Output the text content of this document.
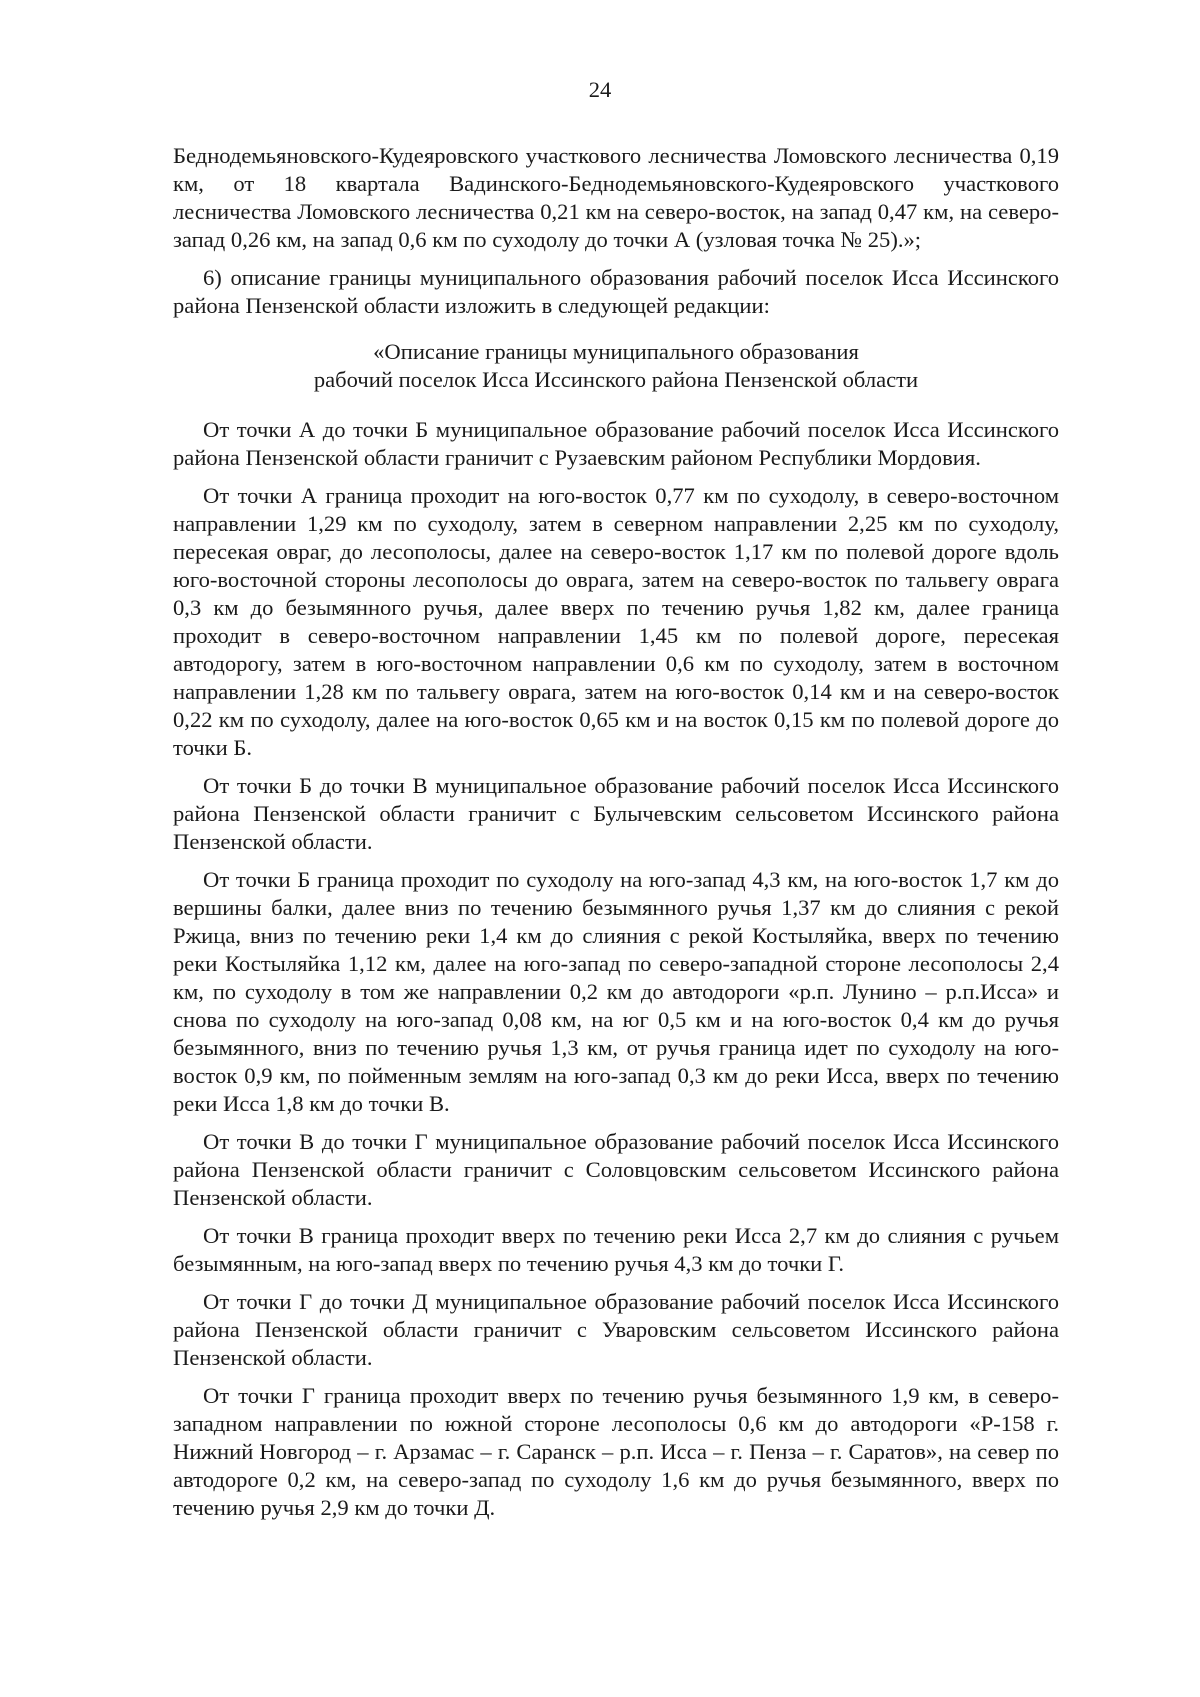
24

Беднодемьяновского-Кудеяровского участкового лесничества Ломовского лесничества 0,19 км, от 18 квартала Вадинского-Беднодемьяновского-Кудеяровского участкового лесничества Ломовского лесничества 0,21 км на северо-восток, на запад 0,47 км, на северо-запад 0,26 км, на запад 0,6 км по суходолу до точки А (узловая точка № 25).»;

6) описание границы муниципального образования рабочий поселок Исса Иссинского района Пензенской области изложить в следующей редакции:

«Описание границы муниципального образования
рабочий поселок Исса Иссинского района Пензенской области

От точки А до точки Б муниципальное образование рабочий поселок Исса Иссинского района Пензенской области граничит с Рузаевским районом Республики Мордовия.

От точки А граница проходит на юго-восток 0,77 км по суходолу, в северо-восточном направлении 1,29 км по суходолу, затем в северном направлении 2,25 км по суходолу, пересекая овраг, до лесополосы, далее на северо-восток 1,17 км по полевой дороге вдоль юго-восточной стороны лесополосы до оврага, затем на северо-восток по тальвегу оврага 0,3 км до безымянного ручья, далее вверх по течению ручья 1,82 км, далее граница проходит в северо-восточном направлении 1,45 км по полевой дороге, пересекая автодорогу, затем в юго-восточном направлении 0,6 км по суходолу, затем в восточном направлении 1,28 км по тальвегу оврага, затем на юго-восток 0,14 км и на северо-восток 0,22 км по суходолу, далее на юго-восток 0,65 км и на восток 0,15 км по полевой дороге до точки Б.

От точки Б до точки В муниципальное образование рабочий поселок Исса Иссинского района Пензенской области граничит с Булычевским сельсоветом Иссинского района Пензенской области.

От точки Б граница проходит по суходолу на юго-запад 4,3 км, на юго-восток 1,7 км до вершины балки, далее вниз по течению безымянного ручья 1,37 км до слияния с рекой Ржица, вниз по течению реки 1,4 км до слияния с рекой Костыляйка, вверх по течению реки Костыляйка 1,12 км, далее на юго-запад по северо-западной стороне лесополосы 2,4 км, по суходолу в том же направлении 0,2 км до автодороги «р.п. Лунино – р.п.Исса» и снова по суходолу на юго-запад 0,08 км, на юг 0,5 км и на юго-восток 0,4 км до ручья безымянного, вниз по течению ручья 1,3 км, от ручья граница идет по суходолу на юго-восток 0,9 км, по пойменным землям на юго-запад 0,3 км до реки Исса, вверх по течению реки Исса 1,8 км до точки В.

От точки В до точки Г муниципальное образование рабочий поселок Исса Иссинского района Пензенской области граничит с Соловцовским сельсоветом Иссинского района Пензенской области.

От точки В граница проходит вверх по течению реки Исса 2,7 км до слияния с ручьем безымянным, на юго-запад вверх по течению ручья 4,3 км до точки Г.

От точки Г до точки Д муниципальное образование рабочий поселок Исса Иссинского района Пензенской области граничит с Уваровским сельсоветом Иссинского района Пензенской области.

От точки Г граница проходит вверх по течению ручья безымянного 1,9 км, в северо-западном направлении по южной стороне лесополосы 0,6 км до автодороги «Р-158 г. Нижний Новгород – г. Арзамас – г. Саранск – р.п. Исса – г. Пенза – г. Саратов», на север по автодороге 0,2 км, на северо-запад по суходолу 1,6 км до ручья безымянного, вверх по течению ручья 2,9 км до точки Д.
